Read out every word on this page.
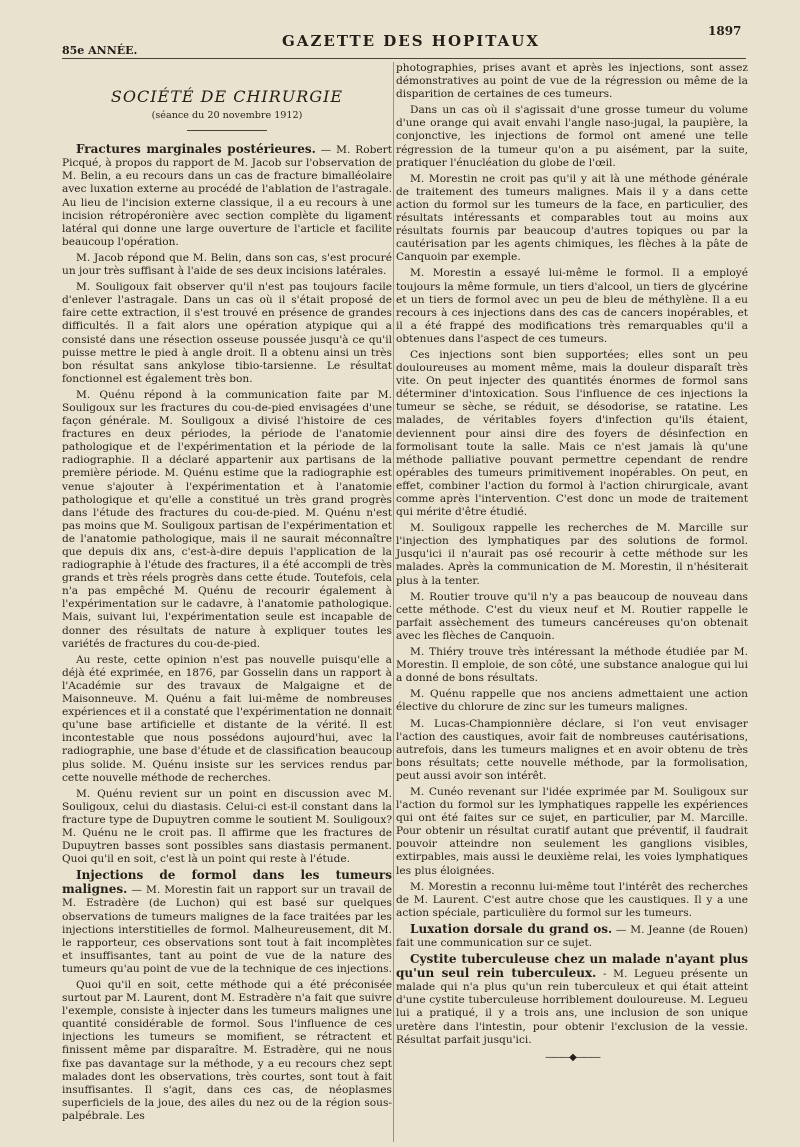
85e ANNÉE.
GAZETTE DES HOPITAUX
1897
SOCIÉTÉ DE CHIRURGIE
(séance du 20 novembre 1912)

Fractures marginales postérieures. — M. Robert Picqué, à propos du rapport de M. Jacob sur l'observation de M. Belin, a eu recours dans un cas de fracture bimalléolaire avec luxation externe au procédé de l'ablation de l'astragale. Au lieu de l'incision externe classique, il a eu recours à une incision rétropéronière avec section complète du ligament latéral qui donne une large ouverture de l'article et facilite beaucoup l'opération.

M. Jacob répond que M. Belin, dans son cas, s'est procuré un jour très suffisant à l'aide de ses deux incisions latérales.

M. Souligoux fait observer qu'il n'est pas toujours facile d'enlever l'astragale. Dans un cas où il s'était proposé de faire cette extraction, il s'est trouvé en présence de grandes difficultés. Il a fait alors une opération atypique qui a consisté dans une résection osseuse poussée jusqu'à ce qu'il puisse mettre le pied à angle droit. Il a obtenu ainsi un très bon résultat sans ankylose tibio-tarsienne. Le résultat fonctionnel est également très bon.

M. Quénu répond à la communication faite par M. Souligoux sur les fractures du cou-de-pied envisagées d'une façon générale. M. Souligoux a divisé l'histoire de ces fractures en deux périodes, la période de l'anatomie pathologique et de l'expérimentation et la période de la radiographie. Il a déclaré appartenir aux partisans de la première période. M. Quénu estime que la radiographie est venue s'ajouter à l'expérimentation et à l'anatomie pathologique et qu'elle a constitué un très grand progrès dans l'étude des fractures du cou-de-pied. M. Quénu n'est pas moins que M. Souligoux partisan de l'expérimentation et de l'anatomie pathologique, mais il ne saurait méconnaître que depuis dix ans, c'est-à-dire depuis l'application de la radiographie à l'étude des fractures, il a été accompli de très grands et très réels progrès dans cette étude. Toutefois, cela n'a pas empêché M. Quénu de recourir également à l'expérimentation sur le cadavre, à l'anatomie pathologique. Mais, suivant lui, l'expérimentation seule est incapable de donner des résultats de nature à expliquer toutes les variétés de fractures du cou-de-pied.

Au reste, cette opinion n'est pas nouvelle puisqu'elle a déjà été exprimée, en 1876, par Gosselin dans un rapport à l'Académie sur des travaux de Malgaigne et de Maisonneuve. M. Quénu a fait lui-même de nombreuses expériences et il a constaté que l'expérimentation ne donnait qu'une base artificielle et distante de la vérité. Il est incontestable que nous possédons aujourd'hui, avec la radiographie, une base d'étude et de classification beaucoup plus solide. M. Quénu insiste sur les services rendus par cette nouvelle méthode de recherches.

M. Quénu revient sur un point en discussion avec M. Souligoux, celui du diastasis. Celui-ci est-il constant dans la fracture type de Dupuytren comme le soutient M. Souligoux? M. Quénu ne le croit pas. Il affirme que les fractures de Dupuytren basses sont possibles sans diastasis permanent. Quoi qu'il en soit, c'est là un point qui reste à l'étude.

Injections de formol dans les tumeurs malignes. — M. Morestin fait un rapport sur un travail de M. Estradère (de Luchon) qui est basé sur quelques observations de tumeurs malignes de la face traitées par les injections interstitielles de formol. Malheureusement, dit M. le rapporteur, ces observations sont tout à fait incomplètes et insuffisantes, tant au point de vue de la nature des tumeurs qu'au point de vue de la technique de ces injections.

Quoi qu'il en soit, cette méthode qui a été préconisée surtout par M. Laurent, dont M. Estradère n'a fait que suivre l'exemple, consiste à injecter dans les tumeurs malignes une quantité considérable de formol. Sous l'influence de ces injections les tumeurs se momifient, se rétractent et finissent même par disparaître. M. Estradère, qui ne nous fixe pas davantage sur la méthode, y a eu recours chez sept malades dont les observations, très courtes, sont tout à fait insuffisantes. Il s'agit, dans ces cas, de néoplasmes superficiels de la joue, des ailes du nez ou de la région sous-palpébrale. Les

photographies, prises avant et après les injections, sont assez démonstratives au point de vue de la régression ou même de la disparition de certaines de ces tumeurs.

Dans un cas où il s'agissait d'une grosse tumeur du volume d'une orange qui avait envahi l'angle naso-jugal, la paupière, la conjonctive, les injections de formol ont amené une telle régression de la tumeur qu'on a pu aisément, par la suite, pratiquer l'énucléation du globe de l'œil.

M. Morestin ne croit pas qu'il y ait là une méthode générale de traitement des tumeurs malignes. Mais il y a dans cette action du formol sur les tumeurs de la face, en particulier, des résultats intéressants et comparables tout au moins aux résultats fournis par beaucoup d'autres topiques ou par la cautérisation par les agents chimiques, les flèches à la pâte de Canquoin par exemple.

M. Morestin a essayé lui-même le formol. Il a employé toujours la même formule, un tiers d'alcool, un tiers de glycérine et un tiers de formol avec un peu de bleu de méthylène. Il a eu recours à ces injections dans des cas de cancers inopérables, et il a été frappé des modifications très remarquables qu'il a obtenues dans l'aspect de ces tumeurs.

Ces injections sont bien supportées; elles sont un peu douloureuses au moment même, mais la douleur disparaît très vite. On peut injecter des quantités énormes de formol sans déterminer d'intoxication. Sous l'influence de ces injections la tumeur se sèche, se réduit, se désodorise, se ratatine. Les malades, de véritables foyers d'infection qu'ils étaient, deviennent pour ainsi dire des foyers de désinfection en formolisant toute la salle. Mais ce n'est jamais là qu'une méthode palliative pouvant permettre cependant de rendre opérables des tumeurs primitivement inopérables. On peut, en effet, combiner l'action du formol à l'action chirurgicale, avant comme après l'intervention. C'est donc un mode de traitement qui mérite d'être étudié.

M. Souligoux rappelle les recherches de M. Marcille sur l'injection des lymphatiques par des solutions de formol. Jusqu'ici il n'aurait pas osé recourir à cette méthode sur les malades. Après la communication de M. Morestin, il n'hésiterait plus à la tenter.

M. Routier trouve qu'il n'y a pas beaucoup de nouveau dans cette méthode. C'est du vieux neuf et M. Routier rappelle le parfait assèchement des tumeurs cancéreuses qu'on obtenait avec les flèches de Canquoin.

M. Thiéry trouve très intéressant la méthode étudiée par M. Morestin. Il emploie, de son côté, une substance analogue qui lui a donné de bons résultats.

M. Quénu rappelle que nos anciens admettaient une action élective du chlorure de zinc sur les tumeurs malignes.

M. Lucas-Championnière déclare, si l'on veut envisager l'action des caustiques, avoir fait de nombreuses cautérisations, autrefois, dans les tumeurs malignes et en avoir obtenu de très bons résultats; cette nouvelle méthode, par la formolisation, peut aussi avoir son intérêt.

M. Cunéo revenant sur l'idée exprimée par M. Souligoux sur l'action du formol sur les lymphatiques rappelle les expériences qui ont été faites sur ce sujet, en particulier, par M. Marcille. Pour obtenir un résultat curatif autant que préventif, il faudrait pouvoir atteindre non seulement les ganglions visibles, extirpables, mais aussi le deuxième relai, les voies lymphatiques les plus éloignées.

M. Morestin a reconnu lui-même tout l'intérêt des recherches de M. Laurent. C'est autre chose que les caustiques. Il y a une action spéciale, particulière du formol sur les tumeurs.

Luxation dorsale du grand os. — M. Jeanne (de Rouen) fait une communication sur ce sujet.

Cystite tuberculeuse chez un malade n'ayant plus qu'un seul rein tuberculeux. - M. Legueu présente un malade qui n'a plus qu'un rein tuberculeux et qui était atteint d'une cystite tuberculeuse horriblement douloureuse. M. Legueu lui a pratiqué, il y a trois ans, une inclusion de son unique uretère dans l'intestin, pour obtenir l'exclusion de la vessie. Résultat parfait jusqu'ici.

———◆———
